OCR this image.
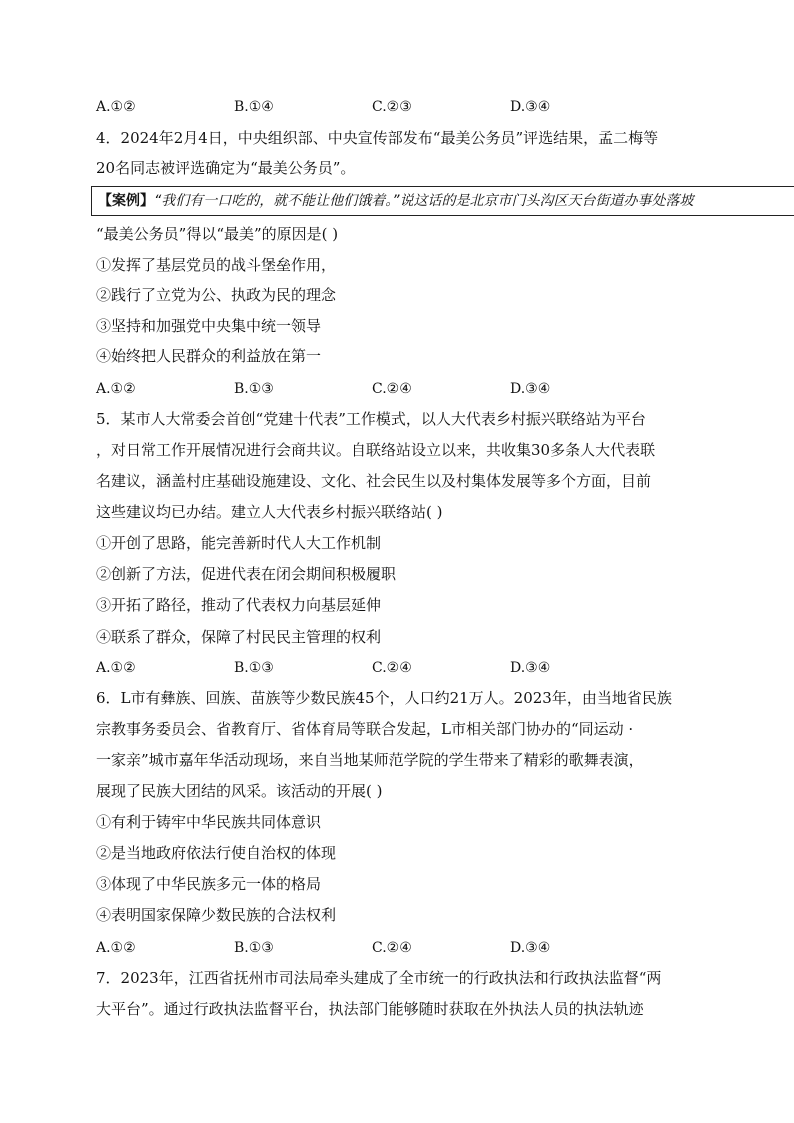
A.①②	B.①④	C.②③	D.③④
4．2024年2月4日，中央组织部、中央宣传部发布“最美公务员”评选结果，孟二梅等
20名同志被评选确定为“最美公务员”。
【案例】“我们有一口吃的，就不能让他们饿着。”说这话的是北京市门头沟区天台街道办事处落坡
“最美公务员”得以“最美”的原因是( )
①发挥了基层党员的战斗堡垒作用，
②践行了立党为公、执政为民的理念
③坚持和加强党中央集中统一领导
④始终把人民群众的利益放在第一
A.①②	B.①③	C.②④	D.③④
5．某市人大常委会首创“党建十代表”工作模式，以人大代表乡村振兴联络站为平台
，对日常工作开展情况进行会商共议。自联络站设立以来，共收集30多条人大代表联
名建议，涵盖村庄基础设施建设、文化、社会民生以及村集体发展等多个方面，目前
这些建议均已办结。建立人大代表乡村振兴联络站( )
①开创了思路，能完善新时代人大工作机制
②创新了方法，促进代表在闭会期间积极履职
③开拓了路径，推动了代表权力向基层延伸
④联系了群众，保障了村民民主管理的权利
A.①②	B.①③	C.②④	D.③④
6．L市有彝族、回族、苗族等少数民族45个，人口约21万人。2023年，由当地省民族
宗教事务委员会、省教育厅、省体育局等联合发起，L市相关部门协办的“同运动 ·
一家亲”城市嘉年华活动现场，来自当地某师范学院的学生带来了精彩的歌舞表演，
展现了民族大团结的风采。该活动的开展( )
①有利于铸牢中华民族共同体意识
②是当地政府依法行使自治权的体现
③体现了中华民族多元一体的格局
④表明国家保障少数民族的合法权利
A.①②	B.①③	C.②④	D.③④
7．2023年，江西省抚州市司法局牵头建成了全市统一的行政执法和行政执法监督“两
大平台”。通过行政执法监督平台，执法部门能够随时获取在外执法人员的执法轨迹
